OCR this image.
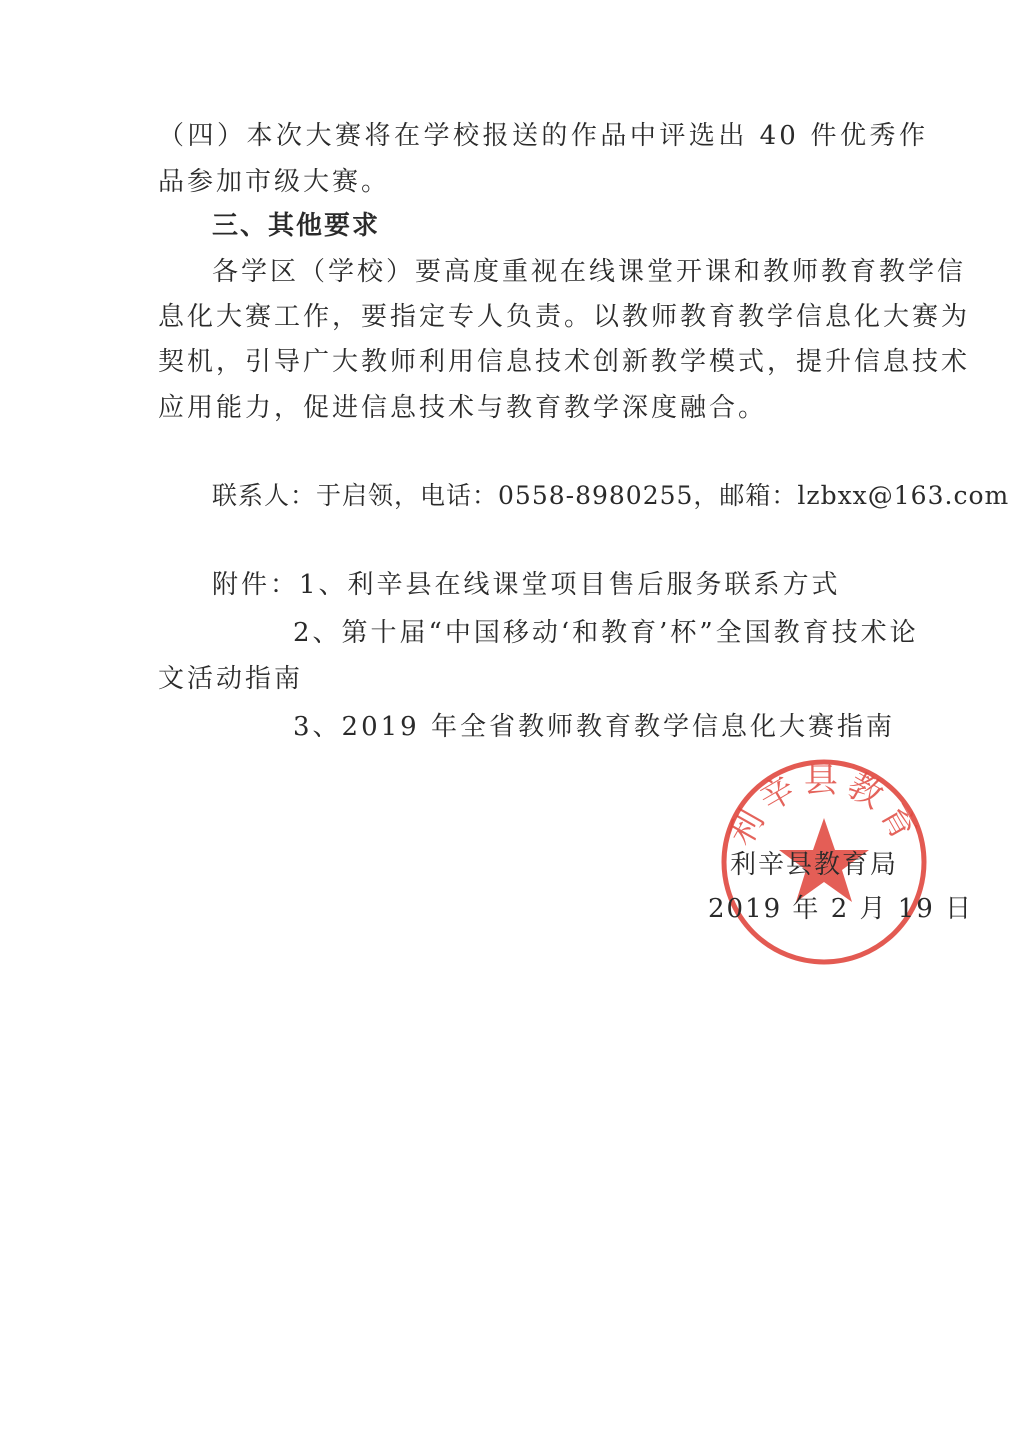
（四）本次大赛将在学校报送的作品中评选出 40 件优秀作
品参加市级大赛。
三、其他要求
各学区（学校）要高度重视在线课堂开课和教师教育教学信
息化大赛工作，要指定专人负责。以教师教育教学信息化大赛为
契机，引导广大教师利用信息技术创新教学模式，提升信息技术
应用能力，促进信息技术与教育教学深度融合。
联系人：于启领，电话：0558-8980255，邮箱：lzbxx@163.com
附件：1、利辛县在线课堂项目售后服务联系方式
2、第十届“中国移动‘和教育’杯”全国教育技术论
文活动指南
3、2019 年全省教师教育教学信息化大赛指南
利辛县教育
利辛县教育局
2019 年 2 月 19 日
